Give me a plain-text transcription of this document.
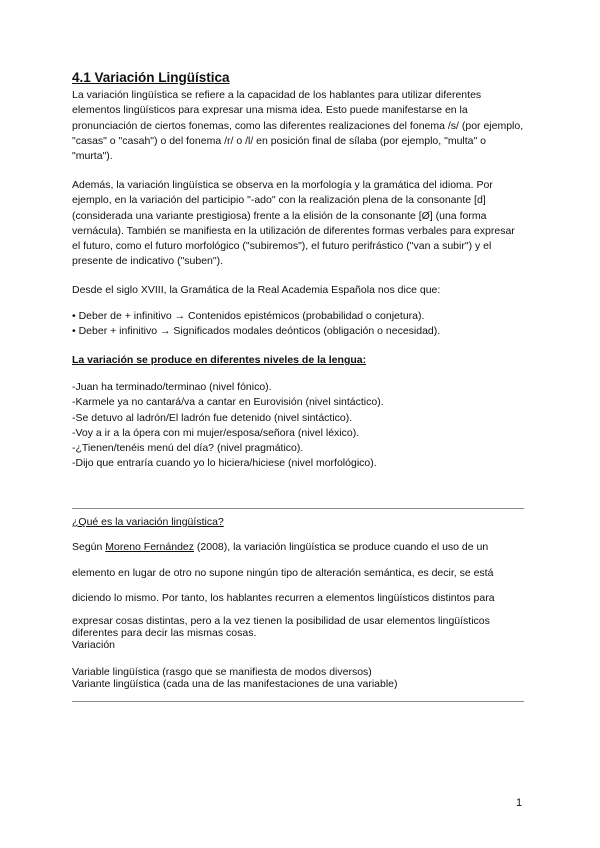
4.1 Variación Lingüística

La variación lingüística se refiere a la capacidad de los hablantes para utilizar diferentes elementos lingüísticos para expresar una misma idea. Esto puede manifestarse en la pronunciación de ciertos fonemas, como las diferentes realizaciones del fonema /s/ (por ejemplo, "casas" o "casah") o del fonema /r/ o /l/ en posición final de sílaba (por ejemplo, "multa" o "murta").

Además, la variación lingüística se observa en la morfología y la gramática del idioma. Por ejemplo, en la variación del participio "-ado" con la realización plena de la consonante [d] (considerada una variante prestigiosa) frente a la elisión de la consonante [Ø] (una forma vernácula). También se manifiesta en la utilización de diferentes formas verbales para expresar el futuro, como el futuro morfológico ("subiremos"), el futuro perifrástico ("van a subir") y el presente de indicativo ("suben").

Desde el siglo XVIII, la Gramática de la Real Academia Española nos dice que:

• Deber de + infinitivo → Contenidos epistémicos (probabilidad o conjetura).

• Deber + infinitivo → Significados modales deónticos (obligación o necesidad).

La variación se produce en diferentes niveles de la lengua:

-Juan ha terminado/terminao (nivel fónico).

-Karmele ya no cantará/va a cantar en Eurovisión (nivel sintáctico).

-Se detuvo al ladrón/El ladrón fue detenido (nivel sintáctico).

-Voy a ir a la ópera con mi mujer/esposa/señora (nivel léxico).

-¿Tienen/tenéis menú del día? (nivel pragmático).

-Dijo que entraría cuando yo lo hiciera/hiciese (nivel morfológico).

¿Qué es la variación lingüística?
Según Moreno Fernández (2008), la variación lingüística se produce cuando el uso de un
elemento en lugar de otro no supone ningún tipo de alteración semántica, es decir, se está
diciendo lo mismo. Por tanto, los hablantes recurren a elementos lingüísticos distintos para

expresar cosas distintas, pero a la vez tienen la posibilidad de usar elementos lingüísticos diferentes para decir las mismas cosas.

Variación

Variable lingüística (rasgo que se manifiesta de modos diversos)

Variante lingüística (cada una de las manifestaciones de una variable)

1
